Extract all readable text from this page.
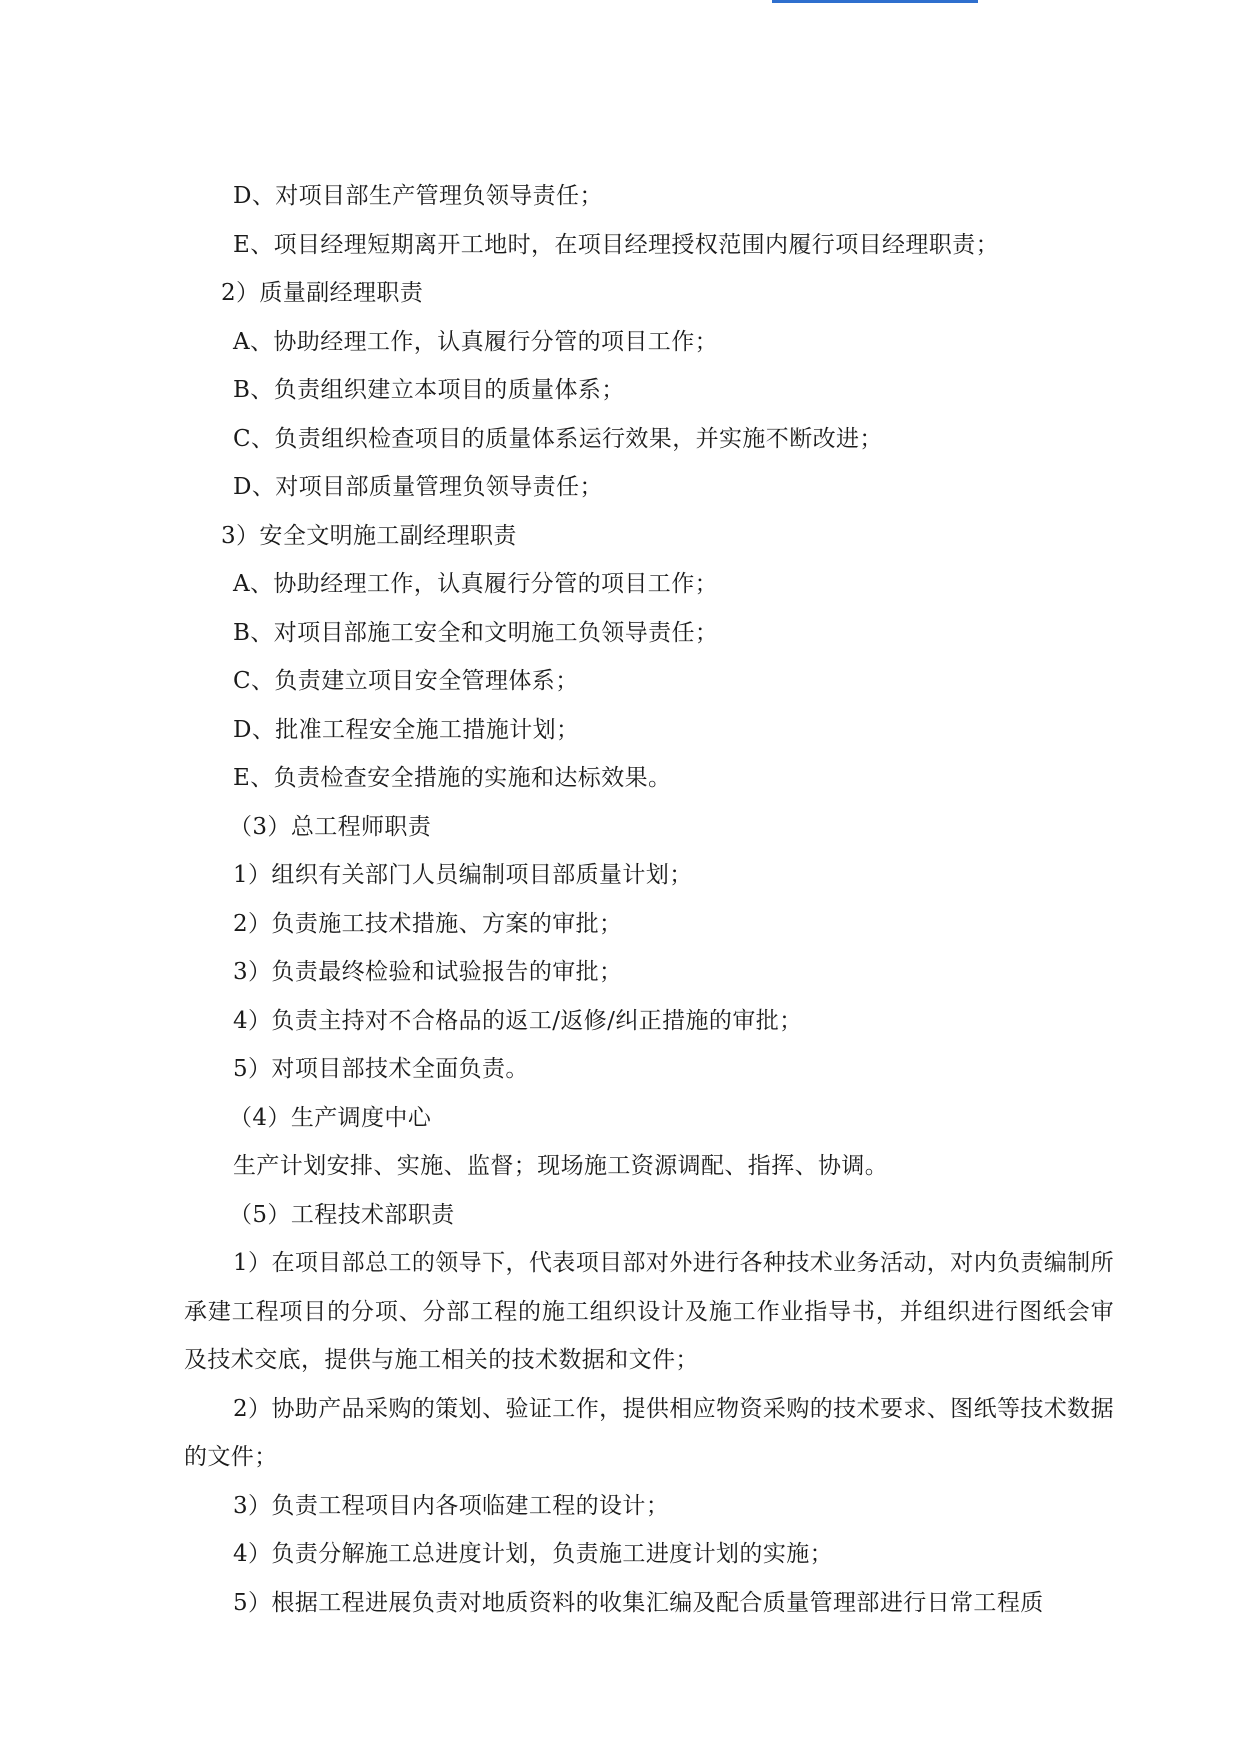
D、对项目部生产管理负领导责任；
E、项目经理短期离开工地时，在项目经理授权范围内履行项目经理职责；
2）质量副经理职责
A、协助经理工作，认真履行分管的项目工作；
B、负责组织建立本项目的质量体系；
C、负责组织检查项目的质量体系运行效果，并实施不断改进；
D、对项目部质量管理负领导责任；
3）安全文明施工副经理职责
A、协助经理工作，认真履行分管的项目工作；
B、对项目部施工安全和文明施工负领导责任；
C、负责建立项目安全管理体系；
D、批准工程安全施工措施计划；
E、负责检查安全措施的实施和达标效果。
（3）总工程师职责
1）组织有关部门人员编制项目部质量计划；
2）负责施工技术措施、方案的审批；
3）负责最终检验和试验报告的审批；
4）负责主持对不合格品的返工/返修/纠正措施的审批；
5）对项目部技术全面负责。
（4）生产调度中心
生产计划安排、实施、监督；现场施工资源调配、指挥、协调。
（5）工程技术部职责

1）在项目部总工的领导下，代表项目部对外进行各种技术业务活动，对内负责编制所承建工程项目的分项、分部工程的施工组织设计及施工作业指导书，并组织进行图纸会审及技术交底，提供与施工相关的技术数据和文件；

2）协助产品采购的策划、验证工作，提供相应物资采购的技术要求、图纸等技术数据的文件；

3）负责工程项目内各项临建工程的设计；
4）负责分解施工总进度计划，负责施工进度计划的实施；
5）根据工程进展负责对地质资料的收集汇编及配合质量管理部进行日常工程质
